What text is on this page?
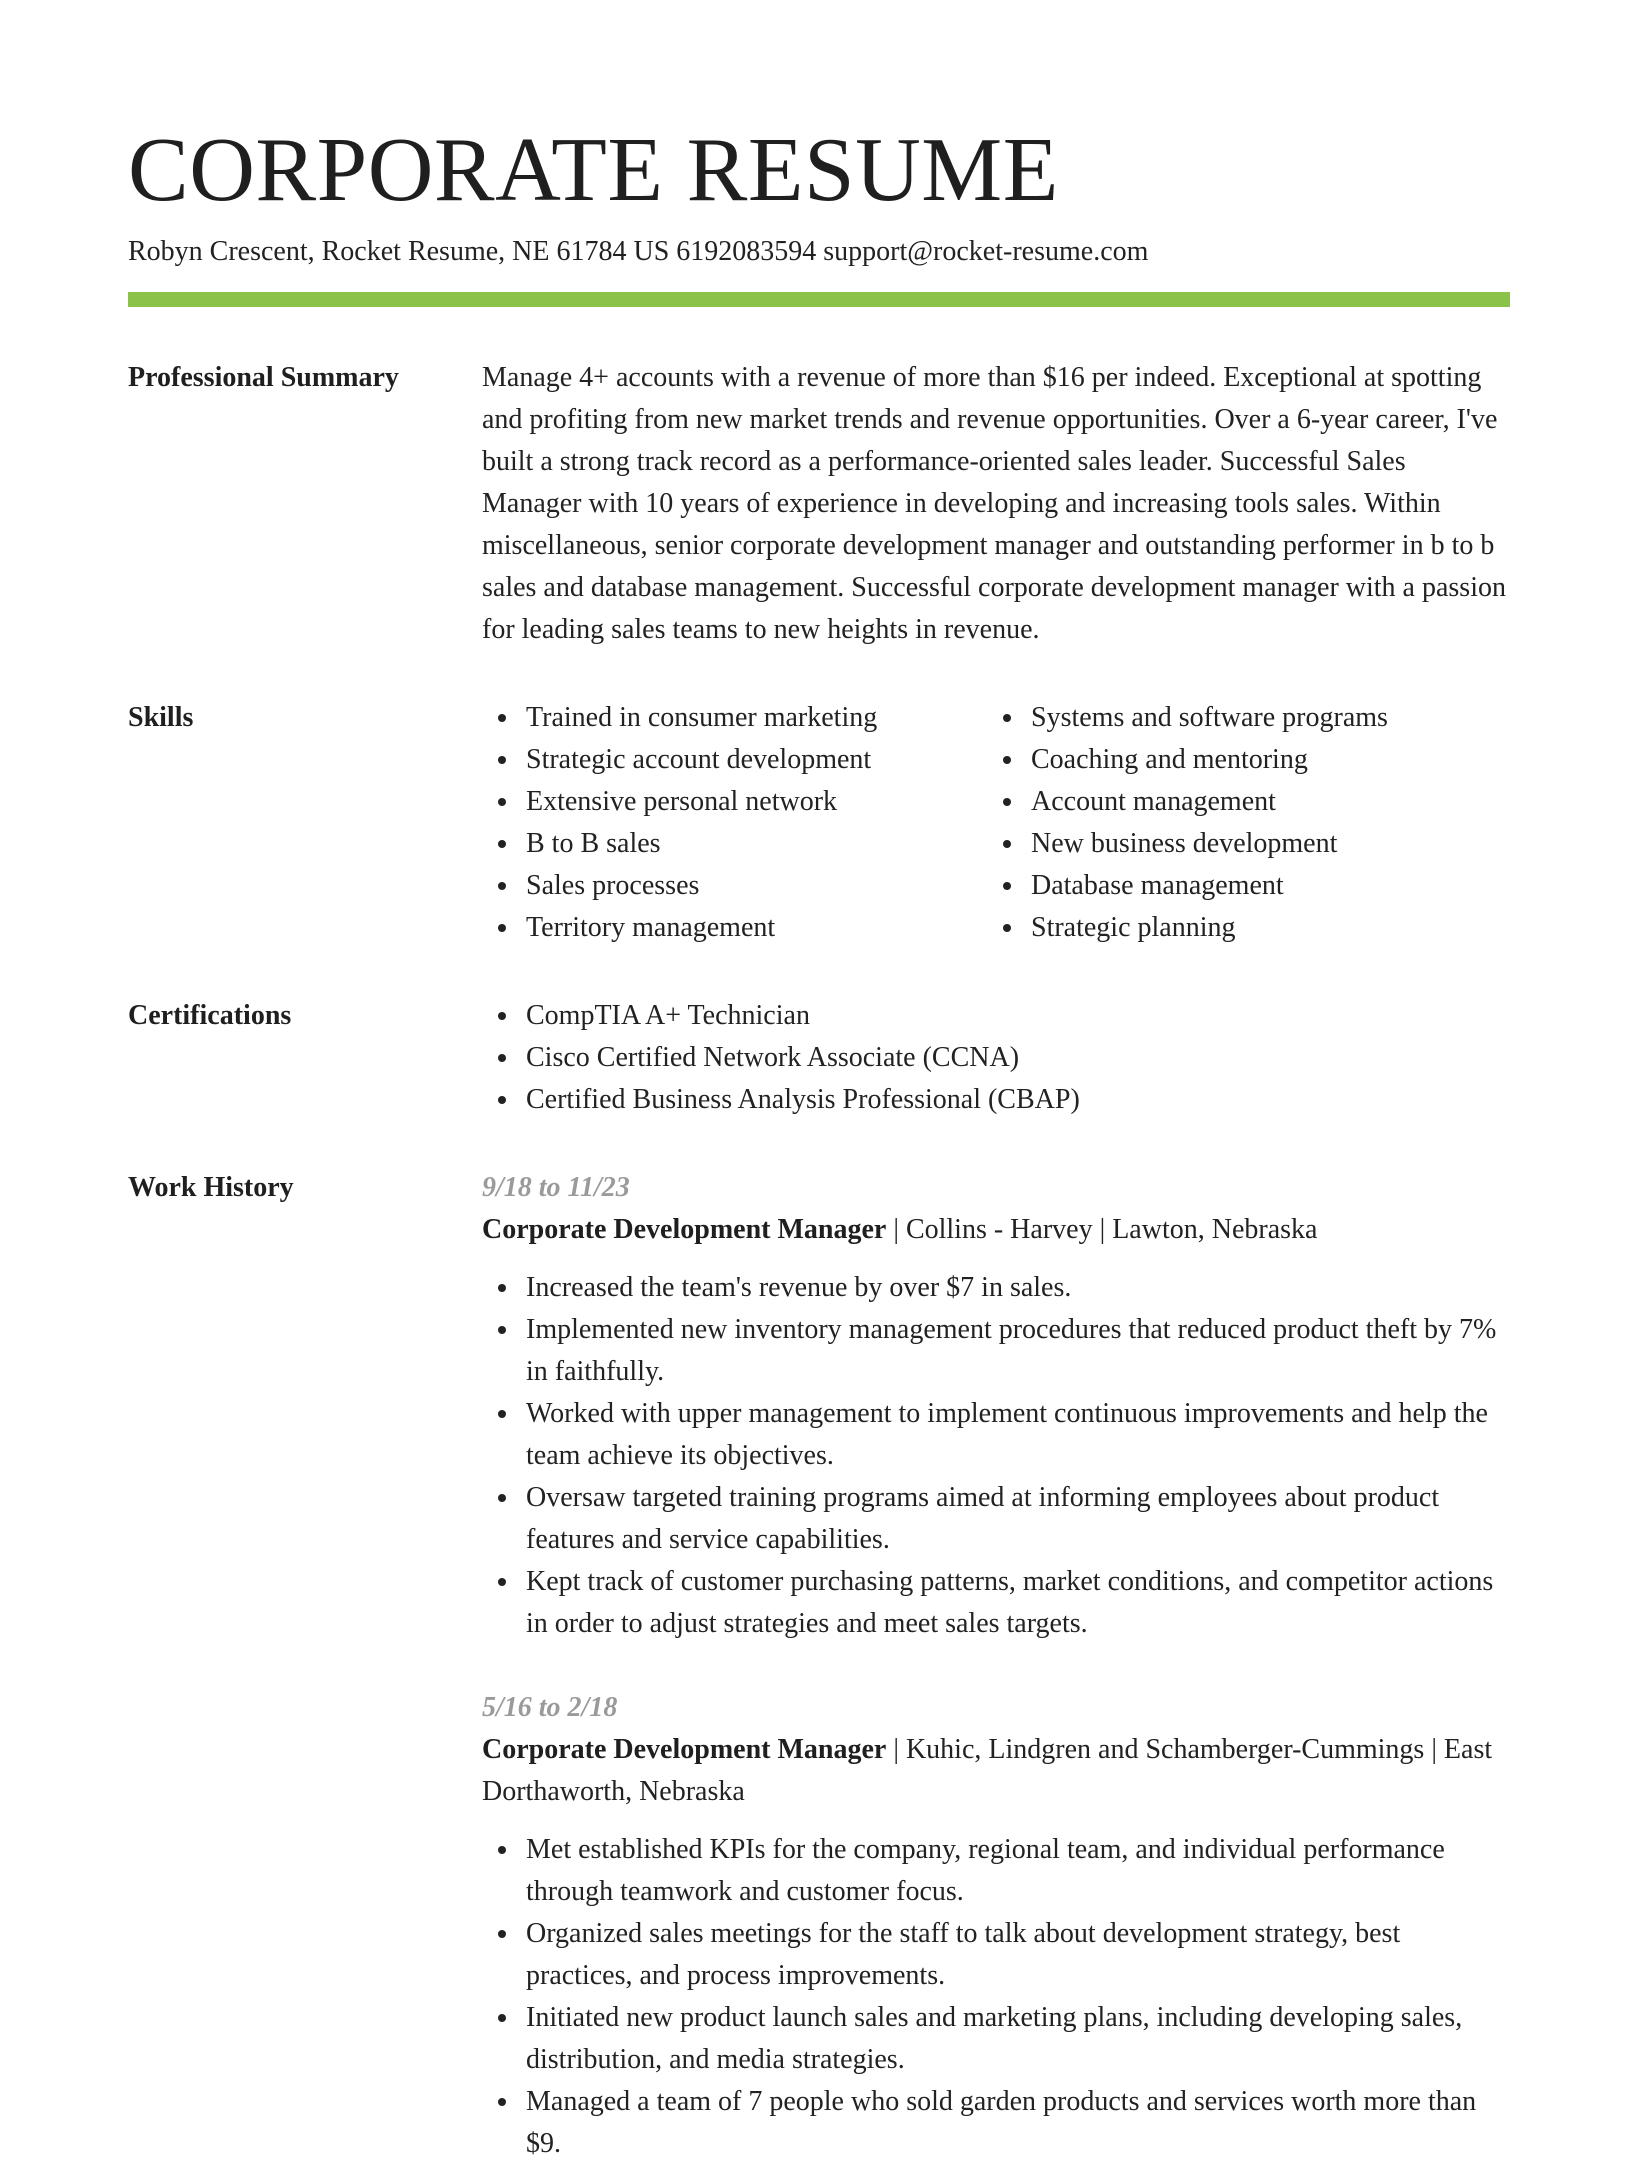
CORPORATE RESUME
Robyn Crescent, Rocket Resume, NE 61784 US 6192083594 support@rocket-resume.com
Professional Summary	Manage 4+ accounts with a revenue of more than $16 per indeed. Exceptional at spotting and profiting from new market trends and revenue opportunities. Over a 6-year career, I've built a strong track record as a performance-oriented sales leader. Successful Sales Manager with 10 years of experience in developing and increasing tools sales. Within miscellaneous, senior corporate development manager and outstanding performer in b to b sales and database management. Successful corporate development manager with a passion for leading sales teams to new heights in revenue.

Skills	Trained in consumer marketing
Strategic account development
Extensive personal network
B to B sales
Sales processes
Territory management
Systems and software programs
Coaching and mentoring
Account management
New business development
Database management
Strategic planning
Certifications	CompTIA A+ Technician
Cisco Certified Network Associate (CCNA)
Certified Business Analysis Professional (CBAP)
Work History	9/18 to 11/23
Corporate Development Manager | Collins - Harvey | Lawton, Nebraska
Increased the team's revenue by over $7 in sales.
Implemented new inventory management procedures that reduced product theft by 7% in faithfully.
Worked with upper management to implement continuous improvements and help the team achieve its objectives.
Oversaw targeted training programs aimed at informing employees about product features and service capabilities.
Kept track of customer purchasing patterns, market conditions, and competitor actions in order to adjust strategies and meet sales targets.
5/16 to 2/18
Corporate Development Manager | Kuhic, Lindgren and Schamberger-Cummings | East Dorthaworth, Nebraska
Met established KPIs for the company, regional team, and individual performance through teamwork and customer focus.
Organized sales meetings for the staff to talk about development strategy, best practices, and process improvements.
Initiated new product launch sales and marketing plans, including developing sales, distribution, and media strategies.
Managed a team of 7 people who sold garden products and services worth more than $9.
